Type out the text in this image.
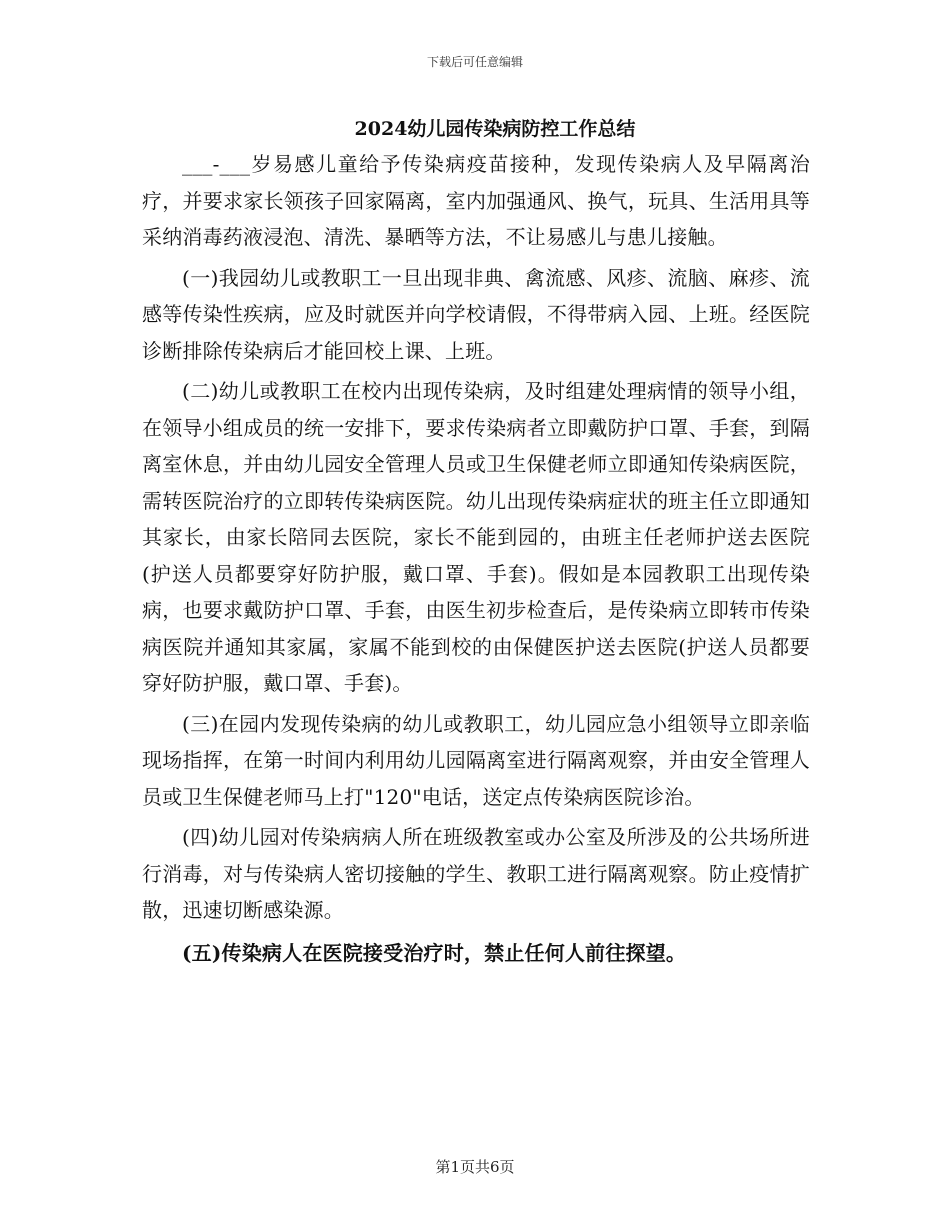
下载后可任意编辑
2024幼儿园传染病防控工作总结

___-___岁易感儿童给予传染病疫苗接种，发现传染病人及早隔离治疗，并要求家长领孩子回家隔离，室内加强通风、换气，玩具、生活用具等采纳消毒药液浸泡、清洗、暴晒等方法，不让易感儿与患儿接触。

(一)我园幼儿或教职工一旦出现非典、禽流感、风疹、流脑、麻疹、流感等传染性疾病，应及时就医并向学校请假，不得带病入园、上班。经医院诊断排除传染病后才能回校上课、上班。

(二)幼儿或教职工在校内出现传染病，及时组建处理病情的领导小组，在领导小组成员的统一安排下，要求传染病者立即戴防护口罩、手套，到隔离室休息，并由幼儿园安全管理人员或卫生保健老师立即通知传染病医院，需转医院治疗的立即转传染病医院。幼儿出现传染病症状的班主任立即通知其家长，由家长陪同去医院，家长不能到园的，由班主任老师护送去医院(护送人员都要穿好防护服，戴口罩、手套)。假如是本园教职工出现传染病，也要求戴防护口罩、手套，由医生初步检查后，是传染病立即转市传染病医院并通知其家属，家属不能到校的由保健医护送去医院(护送人员都要穿好防护服，戴口罩、手套)。

(三)在园内发现传染病的幼儿或教职工，幼儿园应急小组领导立即亲临现场指挥，在第一时间内利用幼儿园隔离室进行隔离观察，并由安全管理人员或卫生保健老师马上打"120"电话，送定点传染病医院诊治。

(四)幼儿园对传染病病人所在班级教室或办公室及所涉及的公共场所进行消毒，对与传染病人密切接触的学生、教职工进行隔离观察。防止疫情扩散，迅速切断感染源。

(五)传染病人在医院接受治疗时，禁止任何人前往探望。

第1页共6页
